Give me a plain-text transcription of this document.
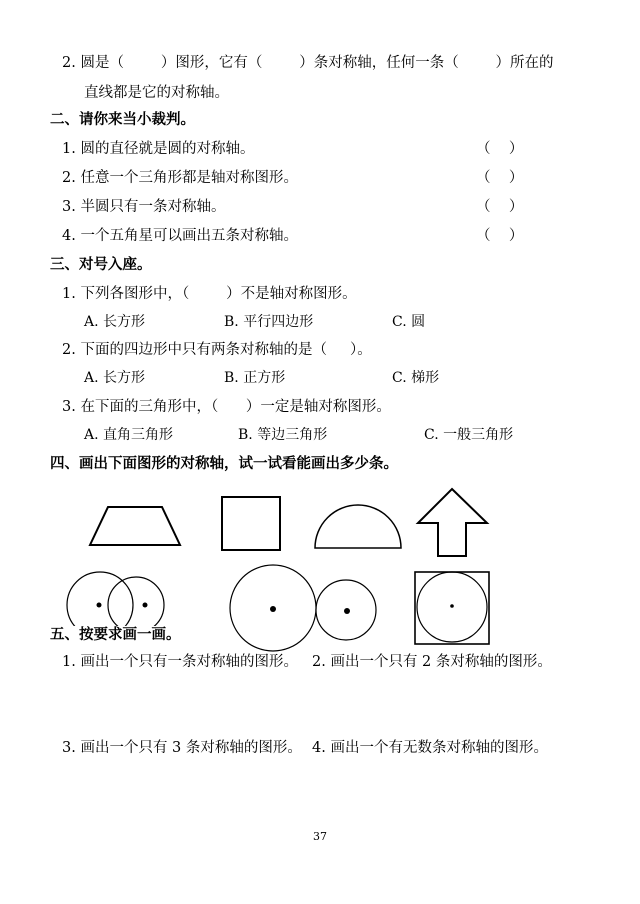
2. 圆是（        ）图形，它有（        ）条对称轴，任何一条（        ）所在的
直线都是它的对称轴。
二、请你来当小裁判。
1. 圆的直径就是圆的对称轴。	（    ）
2. 任意一个三角形都是轴对称图形。	（    ）
3. 半圆只有一条对称轴。	（    ）
4. 一个五角星可以画出五条对称轴。	（    ）
三、对号入座。
1. 下列各图形中，（        ）不是轴对称图形。
A. 长方形	B. 平行四边形	C. 圆
2. 下面的四边形中只有两条对称轴的是（     ）。
A. 长方形	B. 正方形	C. 梯形
3. 在下面的三角形中，（      ）一定是轴对称图形。
A. 直角三角形	B. 等边三角形	C. 一般三角形
四、画出下面图形的对称轴，试一试看能画出多少条。
五、按要求画一画。
1. 画出一个只有一条对称轴的图形。 2. 画出一个只有 2 条对称轴的图形。
3. 画出一个只有 3 条对称轴的图形。 4. 画出一个有无数条对称轴的图形。
37
